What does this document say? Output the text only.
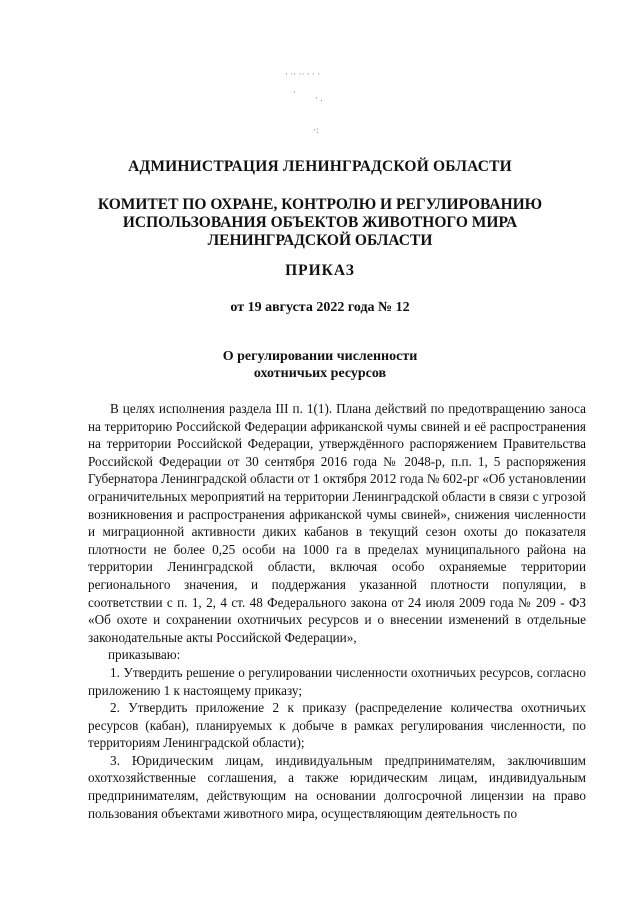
· ·· ·· · · ·
·
· .
·:
АДМИНИСТРАЦИЯ ЛЕНИНГРАДСКОЙ ОБЛАСТИ
КОМИТЕТ ПО ОХРАНЕ, КОНТРОЛЮ И РЕГУЛИРОВАНИЮ
ИСПОЛЬЗОВАНИЯ ОБЪЕКТОВ ЖИВОТНОГО МИРА
ЛЕНИНГРАДСКОЙ ОБЛАСТИ
ПРИКАЗ
от 19 августа 2022 года № 12
О регулировании численности
охотничьих ресурсов

В целях исполнения раздела III п. 1(1). Плана действий по предотвращению заноса на территорию Российской Федерации африканской чумы свиней и её распространения на территории Российской Федерации, утверждённого распоряжением Правительства Российской Федерации от 30 сентября 2016 года № 2048-р, п.п. 1, 5 распоряжения Губернатора Ленинградской области от 1 октября 2012 года № 602-рг «Об установлении ограничительных мероприятий на территории Ленинградской области в связи с угрозой возникновения и распространения африканской чумы свиней», снижения численности и миграционной активности диких кабанов в текущий сезон охоты до показателя плотности не более 0,25 особи на 1000 га в пределах муниципального района на территории Ленинградской области, включая особо охраняемые территории регионального значения, и поддержания указанной плотности популяции, в соответствии с п. 1, 2, 4 ст. 48 Федерального закона от 24 июля 2009 года № 209 - ФЗ «Об охоте и сохранении охотничьих ресурсов и о внесении изменений в отдельные законодательные акты Российской Федерации»,

приказываю:

1. Утвердить решение о регулировании численности охотничьих ресурсов, согласно приложению 1 к настоящему приказу;

2. Утвердить приложение 2 к приказу (распределение количества охотничьих ресурсов (кабан), планируемых к добыче в рамках регулирования численности, по территориям Ленинградской области);

3. Юридическим лицам, индивидуальным предпринимателям, заключившим охотхозяйственные соглашения, а также юридическим лицам, индивидуальным предпринимателям, действующим на основании долгосрочной лицензии на право пользования объектами животного мира, осуществляющим деятельность по
